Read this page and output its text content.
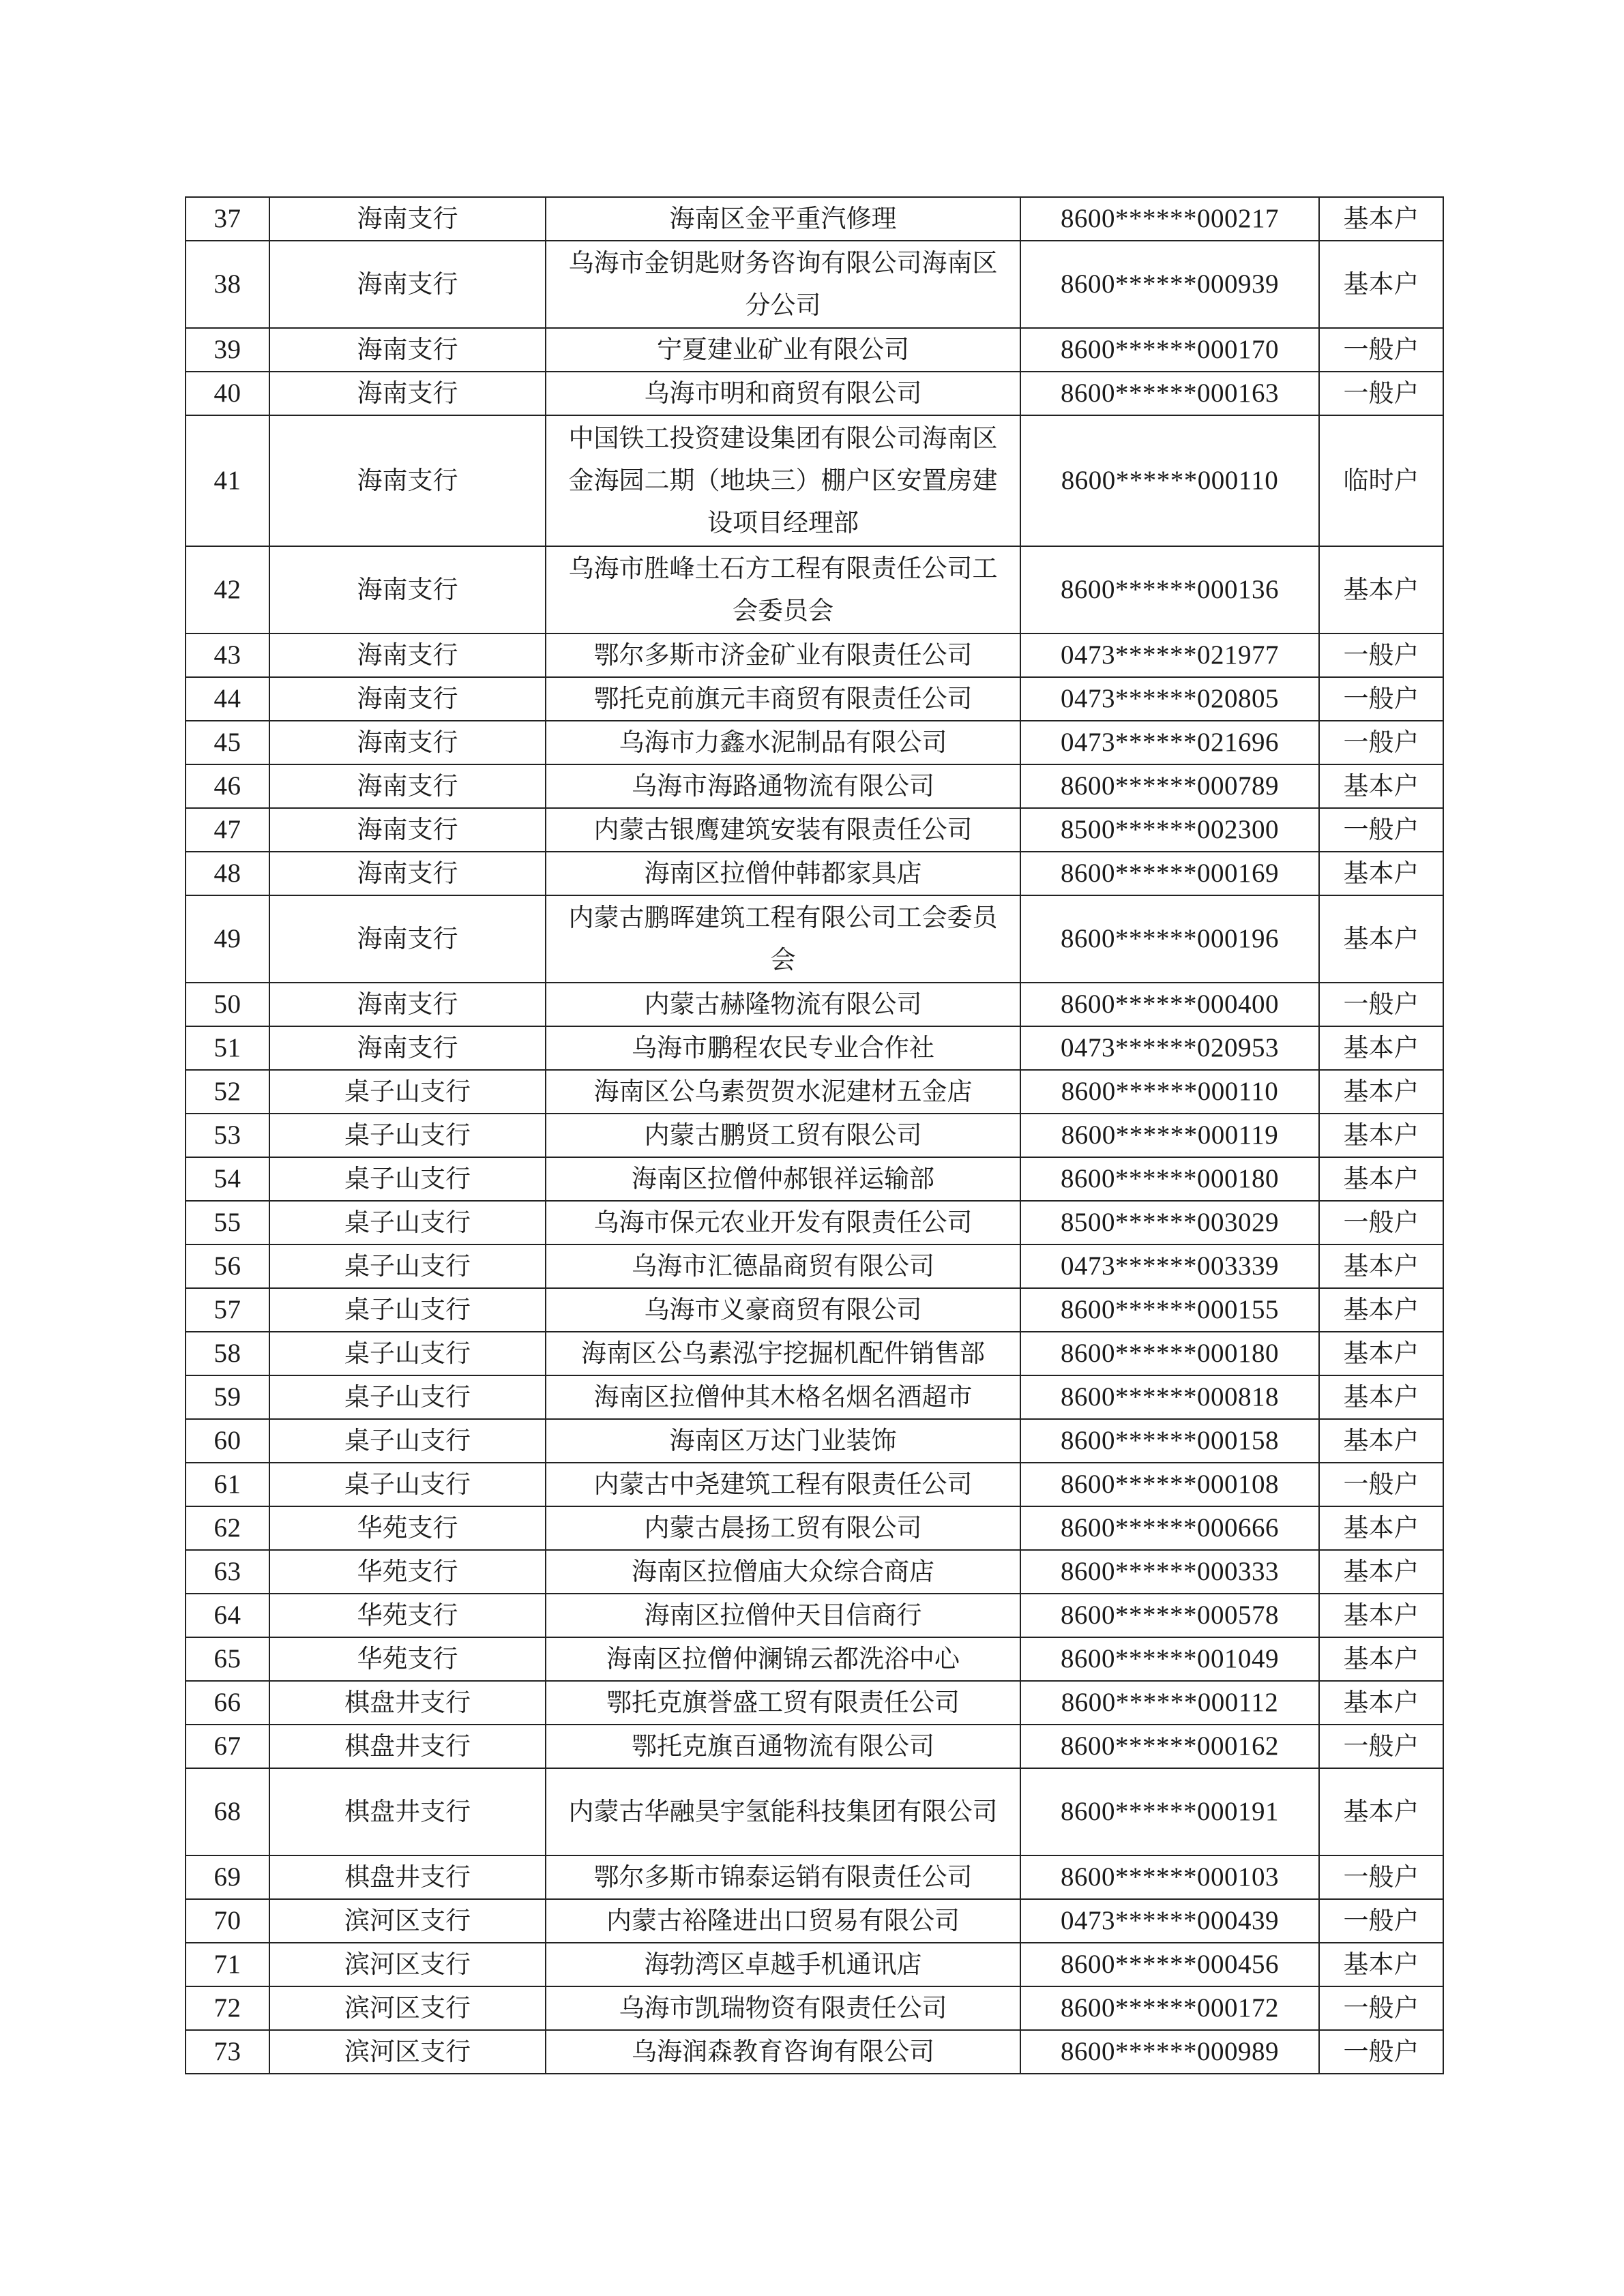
37	海南支行	海南区金平重汽修理	8600******000217	基本户
38	海南支行	乌海市金钥匙财务咨询有限公司海南区分公司	8600******000939	基本户
39	海南支行	宁夏建业矿业有限公司	8600******000170	一般户
40	海南支行	乌海市明和商贸有限公司	8600******000163	一般户
41	海南支行	中国铁工投资建设集团有限公司海南区金海园二期（地块三）棚户区安置房建设项目经理部	8600******000110	临时户
42	海南支行	乌海市胜峰土石方工程有限责任公司工会委员会	8600******000136	基本户
43	海南支行	鄂尔多斯市济金矿业有限责任公司	0473******021977	一般户
44	海南支行	鄂托克前旗元丰商贸有限责任公司	0473******020805	一般户
45	海南支行	乌海市力鑫水泥制品有限公司	0473******021696	一般户
46	海南支行	乌海市海路通物流有限公司	8600******000789	基本户
47	海南支行	内蒙古银鹰建筑安装有限责任公司	8500******002300	一般户
48	海南支行	海南区拉僧仲韩都家具店	8600******000169	基本户
49	海南支行	内蒙古鹏晖建筑工程有限公司工会委员会	8600******000196	基本户
50	海南支行	内蒙古赫隆物流有限公司	8600******000400	一般户
51	海南支行	乌海市鹏程农民专业合作社	0473******020953	基本户
52	桌子山支行	海南区公乌素贺贺水泥建材五金店	8600******000110	基本户
53	桌子山支行	内蒙古鹏贤工贸有限公司	8600******000119	基本户
54	桌子山支行	海南区拉僧仲郝银祥运输部	8600******000180	基本户
55	桌子山支行	乌海市保元农业开发有限责任公司	8500******003029	一般户
56	桌子山支行	乌海市汇德晶商贸有限公司	0473******003339	基本户
57	桌子山支行	乌海市义豪商贸有限公司	8600******000155	基本户
58	桌子山支行	海南区公乌素泓宇挖掘机配件销售部	8600******000180	基本户
59	桌子山支行	海南区拉僧仲其木格名烟名酒超市	8600******000818	基本户
60	桌子山支行	海南区万达门业装饰	8600******000158	基本户
61	桌子山支行	内蒙古中尧建筑工程有限责任公司	8600******000108	一般户
62	华苑支行	内蒙古晨扬工贸有限公司	8600******000666	基本户
63	华苑支行	海南区拉僧庙大众综合商店	8600******000333	基本户
64	华苑支行	海南区拉僧仲天目信商行	8600******000578	基本户
65	华苑支行	海南区拉僧仲澜锦云都洗浴中心	8600******001049	基本户
66	棋盘井支行	鄂托克旗誉盛工贸有限责任公司	8600******000112	基本户
67	棋盘井支行	鄂托克旗百通物流有限公司	8600******000162	一般户
68	棋盘井支行	内蒙古华融昊宇氢能科技集团有限公司	8600******000191	基本户
69	棋盘井支行	鄂尔多斯市锦泰运销有限责任公司	8600******000103	一般户
70	滨河区支行	内蒙古裕隆进出口贸易有限公司	0473******000439	一般户
71	滨河区支行	海勃湾区卓越手机通讯店	8600******000456	基本户
72	滨河区支行	乌海市凯瑞物资有限责任公司	8600******000172	一般户
73	滨河区支行	乌海润森教育咨询有限公司	8600******000989	一般户
